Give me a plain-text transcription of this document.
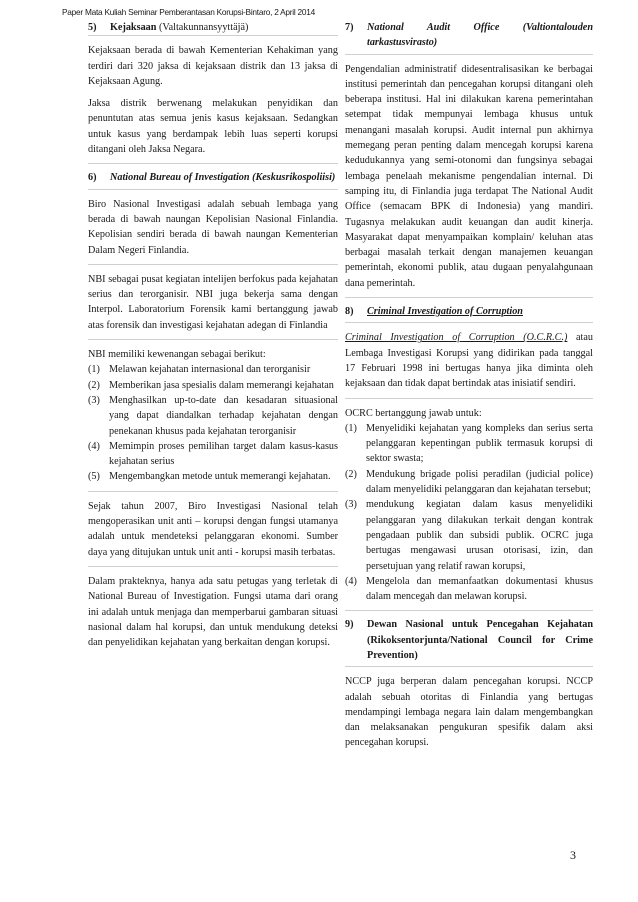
Paper Mata Kuliah Seminar Pemberantasan Korupsi-Bintaro, 2 April 2014
5) Kejaksaan (Valtakunnansyyttäjä)

Kejaksaan berada di bawah Kementerian Kehakiman yang terdiri dari 320 jaksa di kejaksaan distrik dan 13 jaksa di Kejaksaan Agung.

Jaksa distrik berwenang melakukan penyidikan dan penuntutan atas semua jenis kasus kejaksaan. Sedangkan untuk kasus yang berdampak lebih luas seperti korupsi ditangani oleh Jaksa Negara.

6) National Bureau of Investigation (Keskusrikospoliisi)

Biro Nasional Investigasi adalah sebuah lembaga yang berada di bawah naungan Kepolisian Nasional Finlandia. Kepolisian sendiri berada di bawah naungan Kementerian Dalam Negeri Finlandia.

NBI sebagai pusat kegiatan intelijen berfokus pada kejahatan serius dan terorganisir. NBI juga bekerja sama dengan Interpol. Laboratorium Forensik kami bertanggung jawab atas forensik dan investigasi kejahatan adegan di Finlandia

NBI memiliki kewenangan sebagai berikut:

(1) Melawan kejahatan internasional dan terorganisir
(2) Memberikan jasa spesialis dalam memerangi kejahatan
(3) Menghasilkan up-to-date dan kesadaran situasional yang dapat diandalkan terhadap kejahatan dengan penekanan khusus pada kejahatan terorganisir
(4) Memimpin proses pemilihan target dalam kasus-kasus kejahatan serius
(5) Mengembangkan metode untuk memerangi kejahatan.

Sejak tahun 2007, Biro Investigasi Nasional telah mengoperasikan unit anti – korupsi dengan fungsi utamanya adalah untuk mendeteksi pelanggaran ekonomi. Sumber daya yang ditujukan untuk unit anti - korupsi masih terbatas.

Dalam prakteknya, hanya ada satu petugas yang terletak di National Bureau of Investigation. Fungsi utama dari orang ini adalah untuk menjaga dan memperbarui gambaran situasi nasional dalam hal korupsi, dan untuk mendukung deteksi dan penyelidikan kejahatan yang berkaitan dengan korupsi.

7) National Audit Office (Valtiontalouden tarkastusvirasto)

Pengendalian administratif didesentralisasikan ke berbagai institusi pemerintah dan pencegahan korupsi ditangani oleh beberapa institusi. Hal ini dilakukan karena pemerintahan setempat tidak mempunyai lembaga khusus untuk menangani masalah korupsi. Audit internal pun akhirnya memegang peran penting dalam mencegah korupsi karena kedudukannya yang semi-otonomi dan fungsinya sebagai lembaga penelaah mekanisme pengendalian internal. Di samping itu, di Finlandia juga terdapat The National Audit Office (semacam BPK di Indonesia) yang mandiri. Tugasnya melakukan audit keuangan dan audit kinerja. Masyarakat dapat menyampaikan komplain/ keluhan atas berbagai masalah terkait dengan manajemen keuangan pemerintah, ekonomi publik, atau dugaan penyalahgunaan dana pemerintah.

8) Criminal Investigation of Corruption

Criminal Investigation of Corruption (O.C.R.C.) atau Lembaga Investigasi Korupsi yang didirikan pada tanggal 17 Februari 1998 ini bertugas hanya jika diminta oleh kejaksaan dan tidak dapat bertindak atas inisiatif sendiri.

OCRC bertanggung jawab untuk:

(1) Menyelidiki kejahatan yang kompleks dan serius serta pelanggaran kepentingan publik termasuk korupsi di sektor swasta;
(2) Mendukung brigade polisi peradilan (judicial police) dalam menyelidiki pelanggaran dan kejahatan tersebut;
(3) mendukung kegiatan dalam kasus menyelidiki pelanggaran yang dilakukan terkait dengan kontrak pengadaan publik dan subsidi publik. OCRC juga bertugas mengawasi urusan otorisasi, izin, dan persetujuan yang relatif rawan korupsi,
(4) Mengelola dan memanfaatkan dokumentasi khusus dalam mencegah dan melawan korupsi.
9) Dewan Nasional untuk Pencegahan Kejahatan (Rikoksentorjunta/National Council for Crime Prevention)

NCCP juga berperan dalam pencegahan korupsi. NCCP adalah sebuah otoritas di Finlandia yang bertugas mendampingi lembaga negara lain dalam mengembangkan dan melaksanakan pengukuran spesifik dalam aksi pencegahan korupsi.

3
